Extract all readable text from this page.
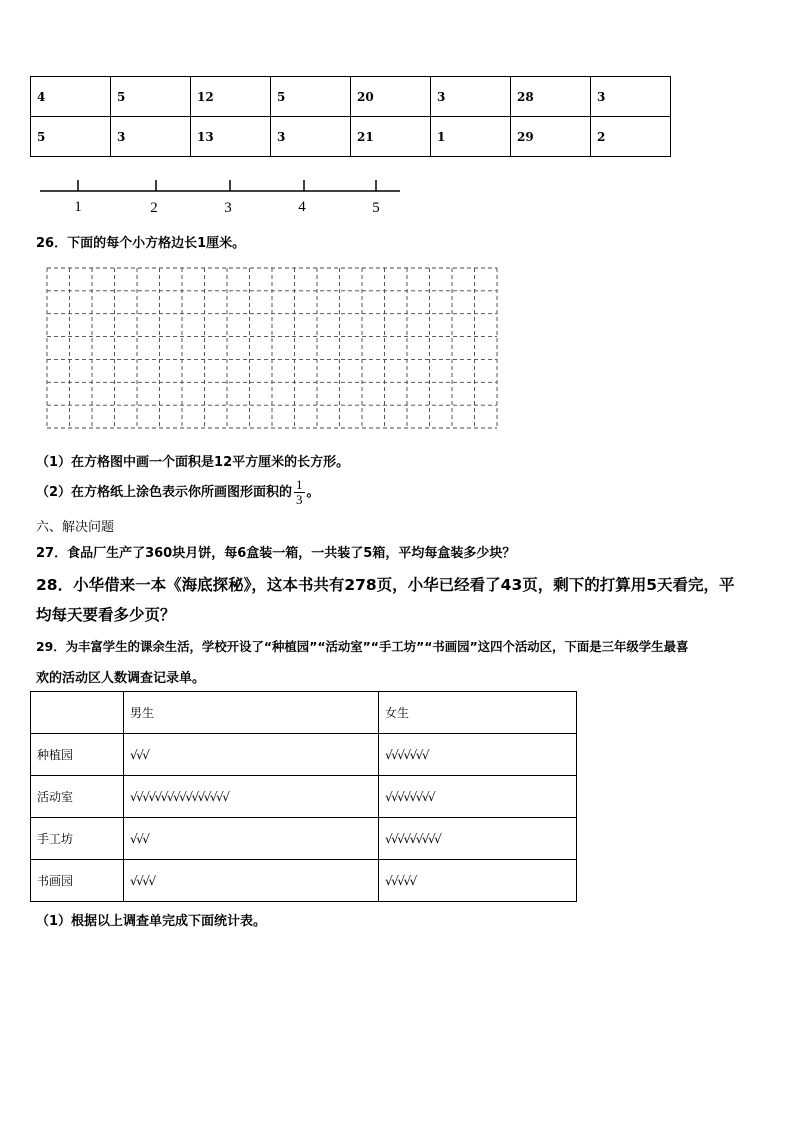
4	5	12	5	20	3	28	3
5	3	13	3	21	1	29	2
1	2	3	4	5
26．下面的每个小方格边长1厘米。
（1）在方格图中画一个面积是12平方厘米的长方形。
（2）在方格纸上涂色表示你所画图形面积的 $\frac{1}{3}$ 。
六、解决问题
27．食品厂生产了360块月饼，每6盒装一箱，一共装了5箱，平均每盒装多少块？
28．小华借来一本《海底探秘》，这本书共有278页，小华已经看了43页，剩下的打算用5天看完，平
均每天要看多少页？
29．为丰富学生的课余生活，学校开设了“种植园”“活动室”“手工坊”“书画园”这四个活动区，下面是三年级学生最喜
欢的活动区人数调查记录单。
	男生	女生
种植园	√√√	√√√√√√√
活动室	√√√√√√√√√√√√√√√√	√√√√√√√√
手工坊	√√√	√√√√√√√√√
书画园	√√√√	√√√√√
（1）根据以上调查单完成下面统计表。
